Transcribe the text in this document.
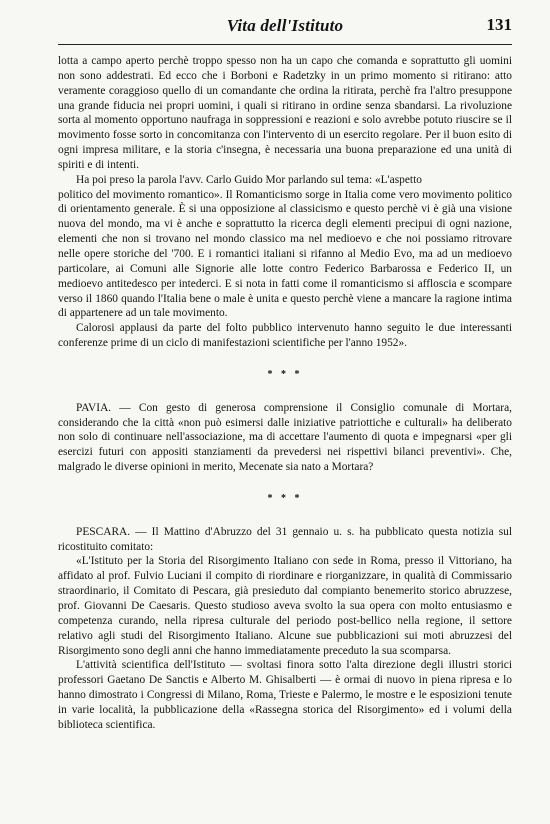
Vita dell'Istituto	131

lotta a campo aperto perchè troppo spesso non ha un capo che comanda e soprattutto gli uomini non sono addestrati. Ed ecco che i Borboni e Radetzky in un primo momento si ritirano: atto veramente coraggioso quello di un comandante che ordina la ritirata, perchè fra l'altro presuppone una grande fiducia nei propri uomini, i quali si ritirano in ordine senza sbandarsi. La rivoluzione sorta al momento opportuno naufraga in soppressioni e reazioni e solo avrebbe potuto riuscire se il movimento fosse sorto in concomitanza con l'intervento di un esercito regolare. Per il buon esito di ogni impresa militare, e la storia c'insegna, è necessaria una buona preparazione ed una unità di spiriti e di intenti.

Ha poi preso la parola l'avv. Carlo Guido Mor parlando sul tema: «L'aspetto

politico del movimento romantico». Il Romanticismo sorge in Italia come vero movimento politico di orientamento generale. È si una opposizione al classicismo e questo perchè vi è già una visione nuova del mondo, ma vi è anche e soprattutto la ricerca degli elementi precipui di ogni nazione, elementi che non si trovano nel mondo classico ma nel medioevo e che noi possiamo ritrovare nelle opere storiche del '700. E i romantici italiani si rifanno al Medio Evo, ma ad un medioevo particolare, ai Comuni alle Signorie alle lotte contro Federico Barbarossa e Federico II, un medioevo antitedesco per intederci. E si nota in fatti come il romanticismo si affloscia e scompare verso il 1860 quando l'Italia bene o male è unita e questo perchè viene a mancare la ragione intima di appartenere ad un tale movimento.

Calorosi applausi da parte del folto pubblico intervenuto hanno seguito le due interessanti conferenze prime di un ciclo di manifestazioni scientifiche per l'anno 1952».

* * *

PAVIA. — Con gesto di generosa comprensione il Consiglio comunale di Mortara, considerando che la città «non può esimersi dalle iniziative patriottiche e culturali» ha deliberato non solo di continuare nell'associazione, ma di accettare l'aumento di quota e impegnarsi «per gli esercizi futuri con appositi stanziamenti da prevedersi nei rispettivi bilanci preventivi». Che, malgrado le diverse opinioni in merito, Mecenate sia nato a Mortara?

* * *

PESCARA. — Il Mattino d'Abruzzo del 31 gennaio u. s. ha pubblicato questa notizia sul ricostituito comitato:

«L'Istituto per la Storia del Risorgimento Italiano con sede in Roma, presso il Vittoriano, ha affidato al prof. Fulvio Luciani il compito di riordinare e riorganizzare, in qualità di Commissario straordinario, il Comitato di Pescara, già presieduto dal compianto benemerito storico abruzzese, prof. Giovanni De Caesaris. Questo studioso aveva svolto la sua opera con molto entusiasmo e competenza curando, nella ripresa culturale del periodo post-bellico nella regione, il settore relativo agli studi del Risorgimento Italiano. Alcune sue pubblicazioni sui moti abruzzesi del Risorgimento sono degli anni che hanno immediatamente preceduto la sua scomparsa.

L'attività scientifica dell'Istituto — svoltasi finora sotto l'alta direzione degli illustri storici professori Gaetano De Sanctis e Alberto M. Ghisalberti — è ormai di nuovo in piena ripresa e lo hanno dimostrato i Congressi di Milano, Roma, Trieste e Palermo, le mostre e le esposizioni tenute in varie località, la pubblicazione della «Rassegna storica del Risorgimento» ed i volumi della biblioteca scientifica.
